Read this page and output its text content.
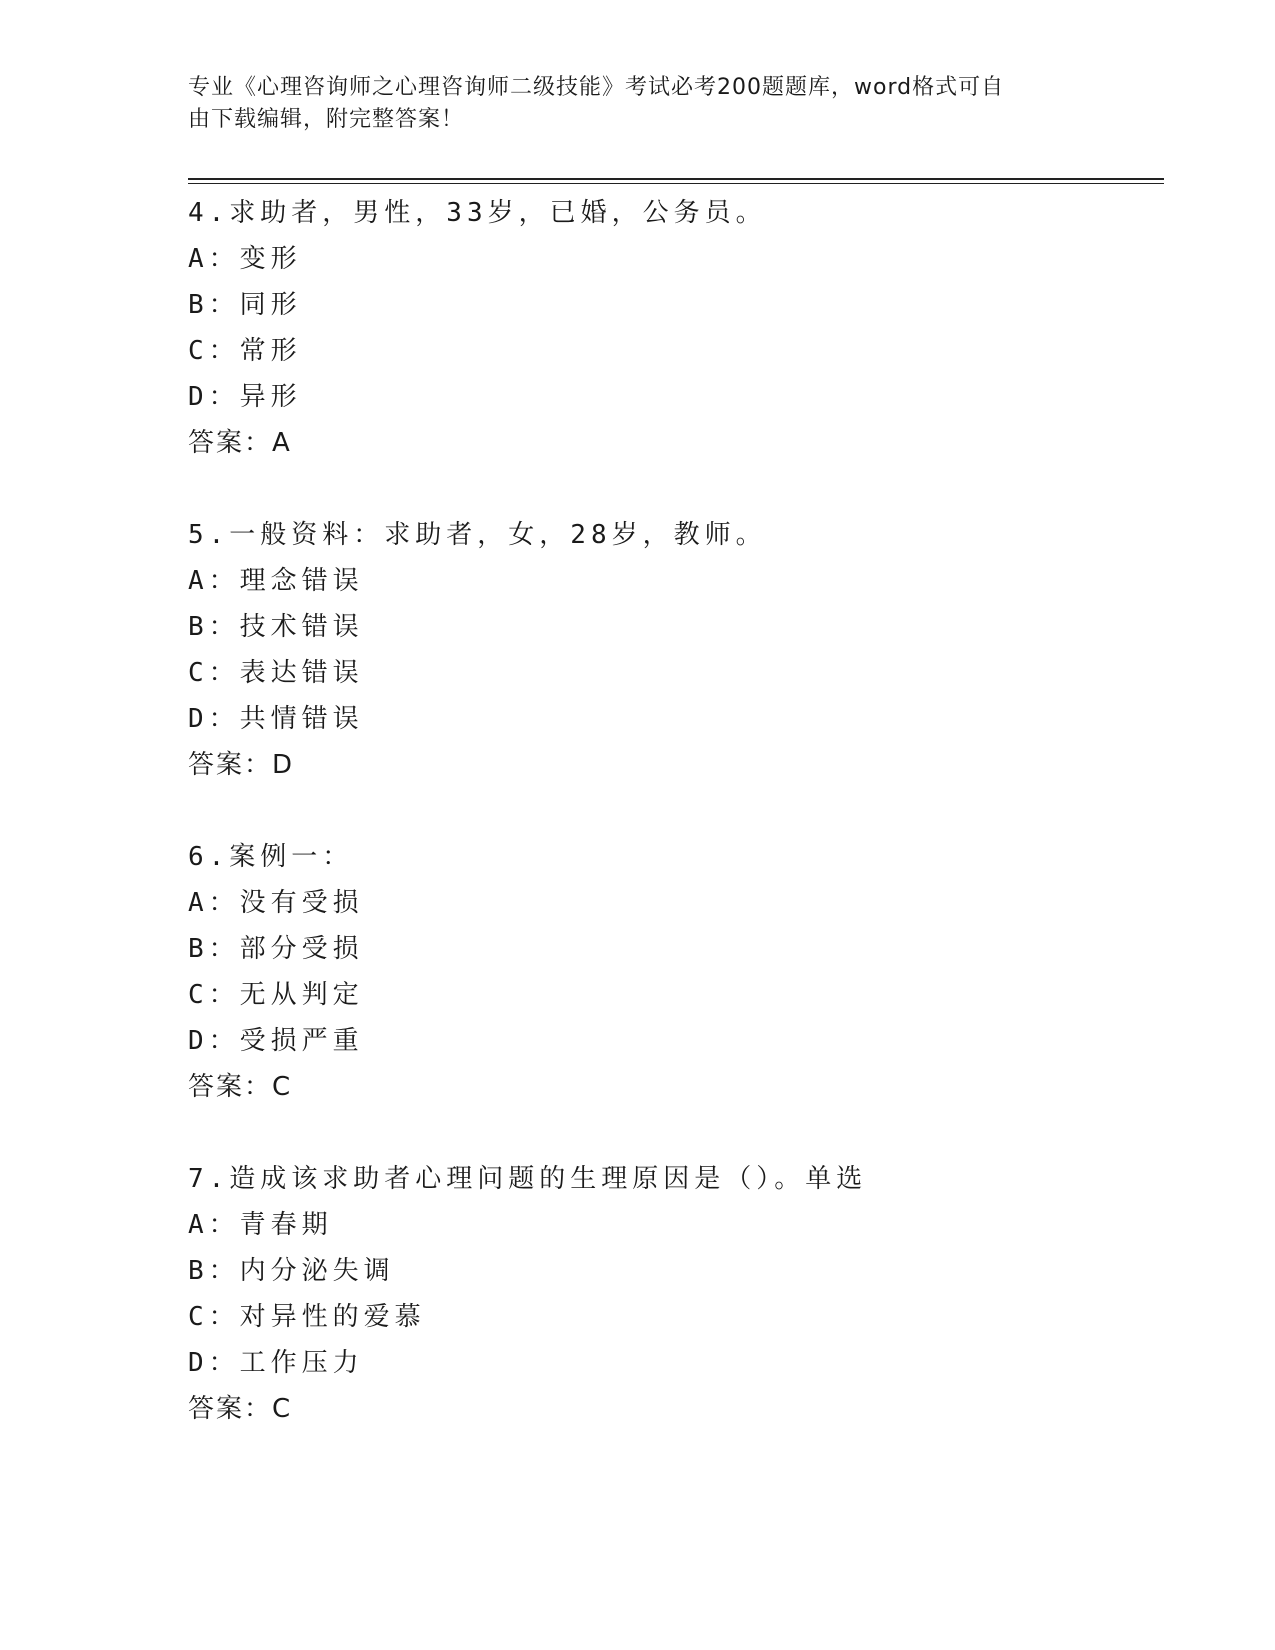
专业《心理咨询师之心理咨询师二级技能》考试必考200题题库，word格式可自
由下载编辑，附完整答案！
4.求助者，男性，33岁，已婚，公务员。
A：变形
B：同形
C：常形
D：异形
答案：A
5.一般资料：求助者，女，28岁，教师。
A：理念错误
B：技术错误
C：表达错误
D：共情错误
答案：D
6.案例一：
A：没有受损
B：部分受损
C：无从判定
D：受损严重
答案：C
7.造成该求助者心理问题的生理原因是（）。单选
A：青春期
B：内分泌失调
C：对异性的爱慕
D：工作压力
答案：C
